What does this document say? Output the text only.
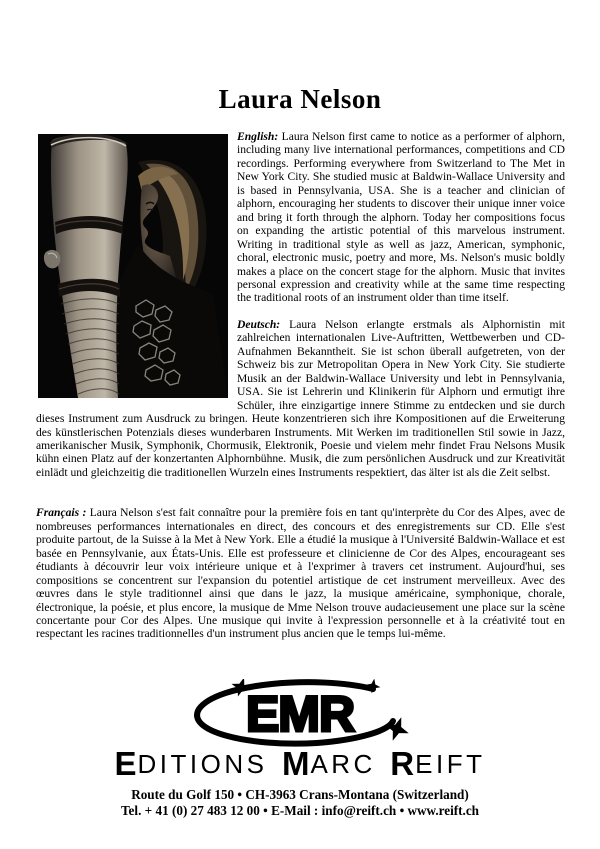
Laura Nelson

English: Laura Nelson first came to notice as a performer of alphorn, including many live international performances, competitions and CD recordings. Performing everywhere from Switzerland to The Met in New York City. She studied music at Baldwin-Wallace University and is based in Pennsylvania, USA. She is a teacher and clinician of alphorn, encouraging her students to discover their unique inner voice and bring it forth through the alphorn. Today her compositions focus on expanding the artistic potential of this marvelous instrument. Writing in traditional style as well as jazz, American, symphonic, choral, electronic music, poetry and more, Ms. Nelson's music boldly makes a place on the concert stage for the alphorn. Music that invites personal expression and creativity while at the same time respecting the traditional roots of an instrument older than time itself.

Deutsch: Laura Nelson erlangte erstmals als Alphornistin mit zahlreichen internationalen Live-Auftritten, Wettbewerben und CD-Aufnahmen Bekanntheit. Sie ist schon überall aufgetreten, von der Schweiz bis zur Metropolitan Opera in New York City. Sie studierte Musik an der Baldwin-Wallace University und lebt in Pennsylvania, USA. Sie ist Lehrerin und Klinikerin für Alphorn und ermutigt ihre Schüler, ihre einzigartige innere Stimme zu entdecken und sie durch dieses Instrument zum Ausdruck zu bringen. Heute konzentrieren sich ihre Kompositionen auf die Erweiterung des künstlerischen Potenzials dieses wunderbaren Instruments. Mit Werken im traditionellen Stil sowie in Jazz, amerikanischer Musik, Symphonik, Chormusik, Elektronik, Poesie und vielem mehr findet Frau Nelsons Musik kühn einen Platz auf der konzertanten Alphornbühne. Musik, die zum persönlichen Ausdruck und zur Kreativität einlädt und gleichzeitig die traditionellen Wurzeln eines Instruments respektiert, das älter ist als die Zeit selbst.

Français : Laura Nelson s'est fait connaître pour la première fois en tant qu'interprète du Cor des Alpes, avec de nombreuses performances internationales en direct, des concours et des enregistrements sur CD. Elle s'est produite partout, de la Suisse à la Met à New York. Elle a étudié la musique à l'Université Baldwin-Wallace et est basée en Pennsylvanie, aux États-Unis. Elle est professeure et clinicienne de Cor des Alpes, encourageant ses étudiants à découvrir leur voix intérieure unique et à l'exprimer à travers cet instrument. Aujourd'hui, ses compositions se concentrent sur l'expansion du potentiel artistique de cet instrument merveilleux. Avec des œuvres dans le style traditionnel ainsi que dans le jazz, la musique américaine, symphonique, chorale, électronique, la poésie, et plus encore, la musique de Mme Nelson trouve audacieusement une place sur la scène concertante pour Cor des Alpes. Une musique qui invite à l'expression personnelle et à la créativité tout en respectant les racines traditionnelles d'un instrument plus ancien que le temps lui-même.

EMR
EDITIONS MARC REIFT
Route du Golf 150 • CH-3963 Crans-Montana (Switzerland)
Tel. + 41 (0) 27 483 12 00 • E-Mail : info@reift.ch • www.reift.ch
